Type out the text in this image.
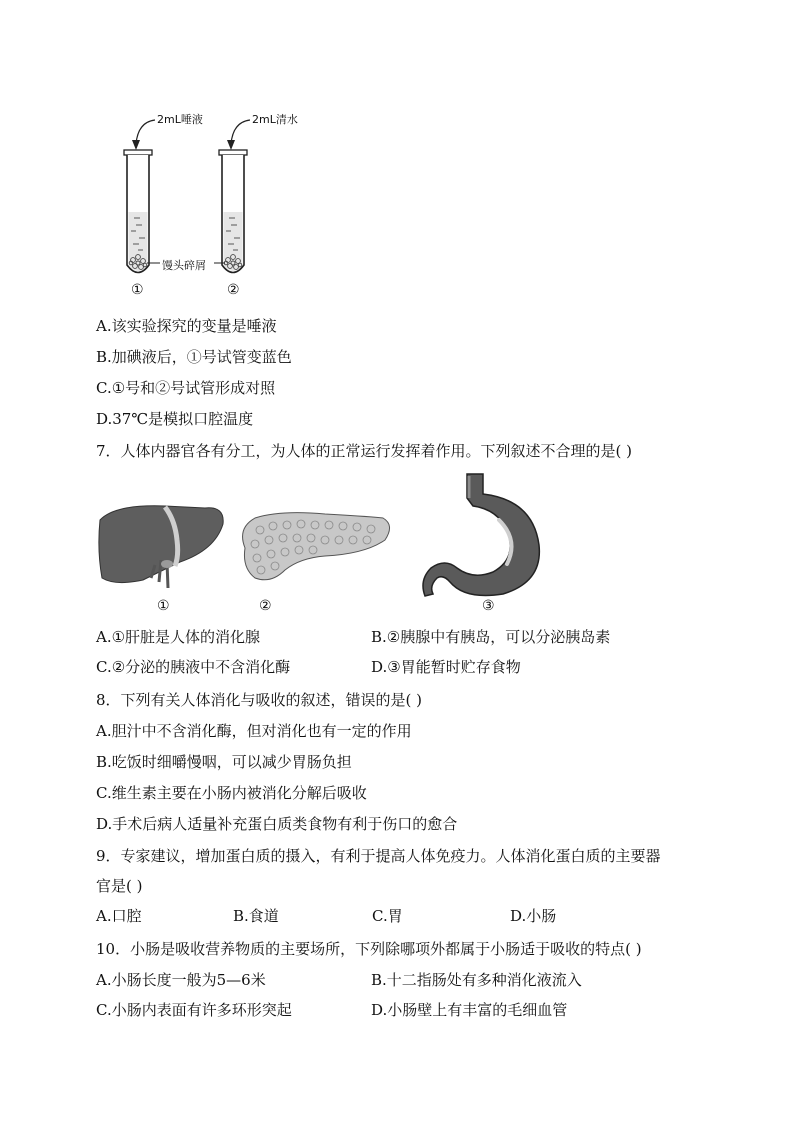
2mL唾液	2mL清水
馒头碎屑
①	②
A.该实验探究的变量是唾液
B.加碘液后，①号试管变蓝色
C.①号和②号试管形成对照
D.37℃是模拟口腔温度
7．人体内器官各有分工，为人体的正常运行发挥着作用。下列叙述不合理的是( )
①	②	③
A.①肝脏是人体的消化腺	B.②胰腺中有胰岛，可以分泌胰岛素
C.②分泌的胰液中不含消化酶	D.③胃能暂时贮存食物
8．下列有关人体消化与吸收的叙述，错误的是( )
A.胆汁中不含消化酶，但对消化也有一定的作用
B.吃饭时细嚼慢咽，可以减少胃肠负担
C.维生素主要在小肠内被消化分解后吸收
D.手术后病人适量补充蛋白质类食物有利于伤口的愈合
9．专家建议，增加蛋白质的摄入，有利于提高人体免疫力。人体消化蛋白质的主要器
官是( )
A.口腔	B.食道	C.胃	D.小肠
10．小肠是吸收营养物质的主要场所，下列除哪项外都属于小肠适于吸收的特点( )
A.小肠长度一般为5—6米	B.十二指肠处有多种消化液流入
C.小肠内表面有许多环形突起	D.小肠壁上有丰富的毛细血管
